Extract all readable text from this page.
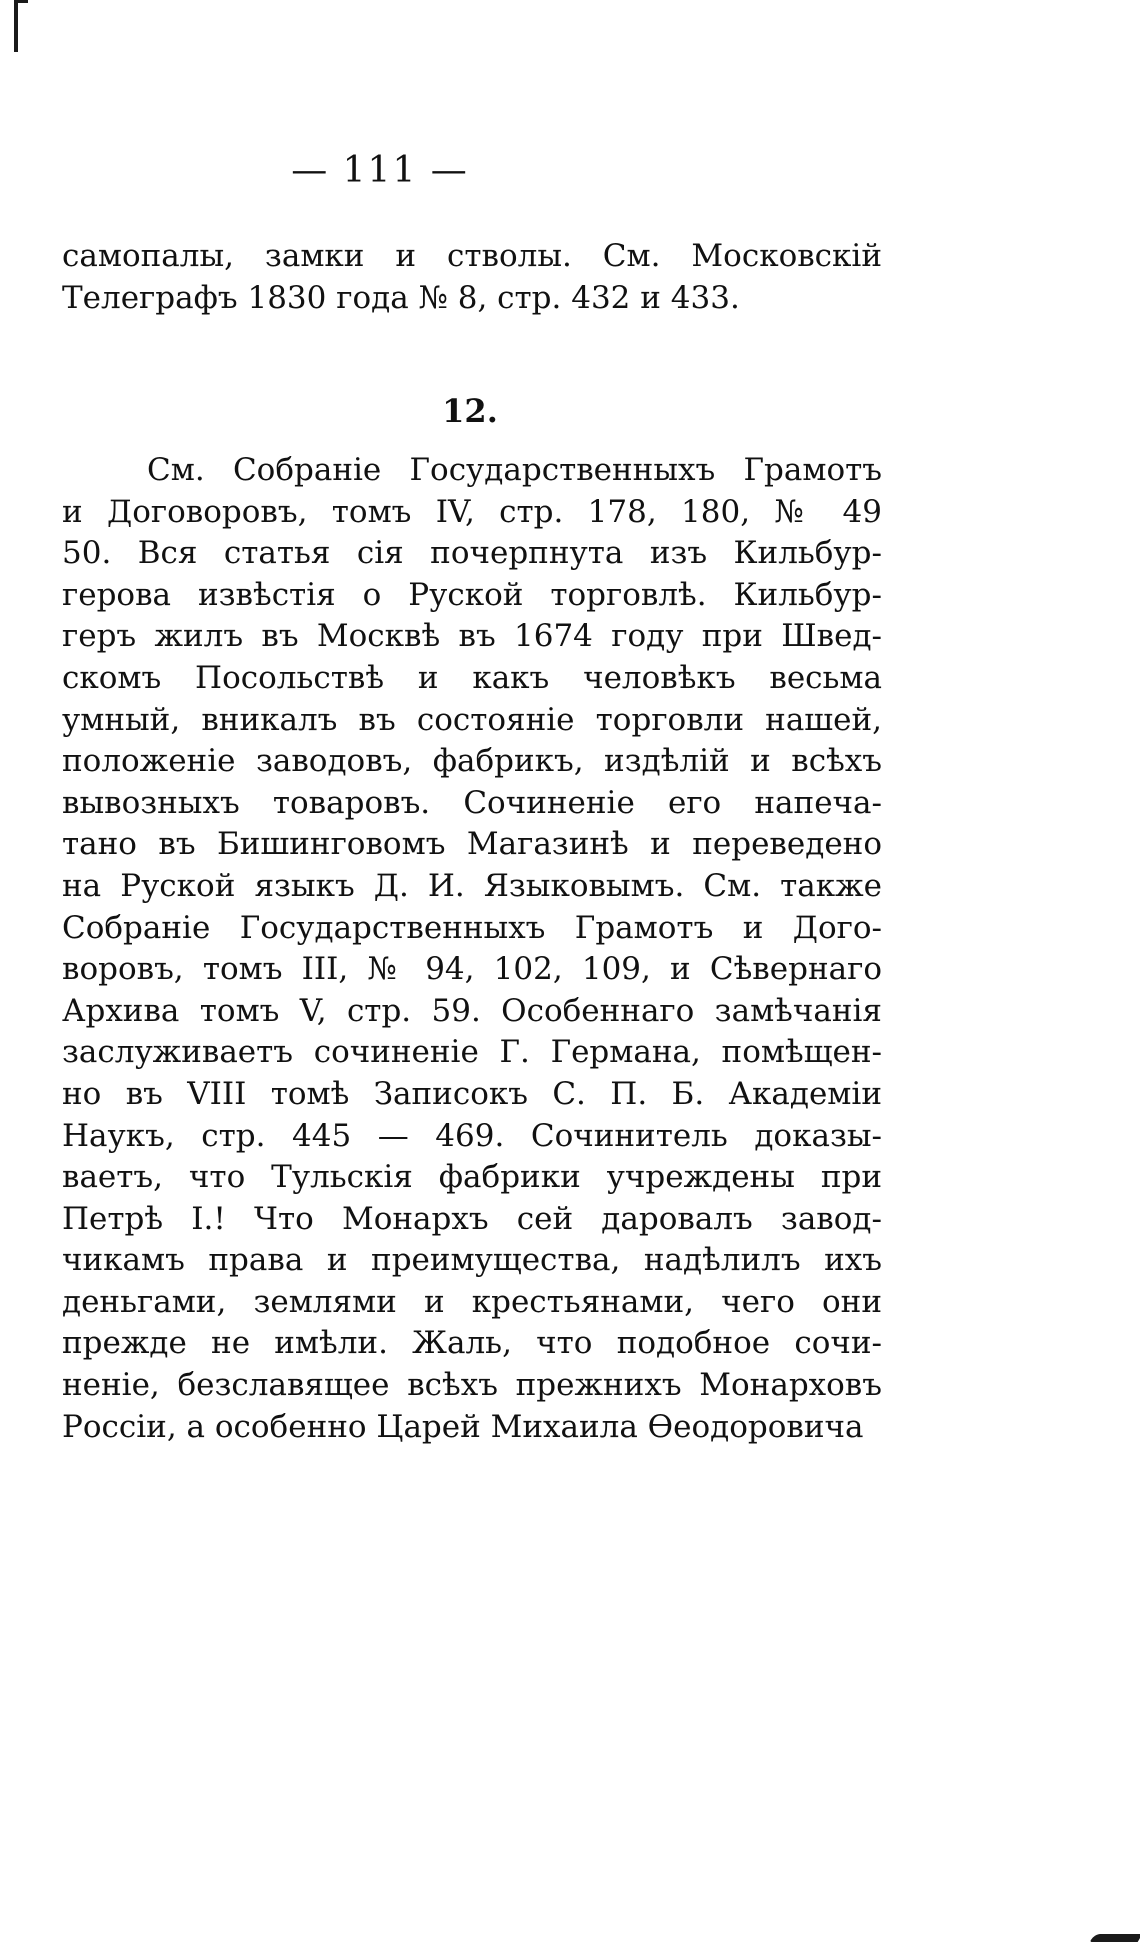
— 111 —
самопалы, замки и стволы. См. Московскій
Телеграфъ 1830 года № 8, стр. 432 и 433.
12.
См. Собраніе Государственныхъ Грамотъ
и Договоровъ, томъ IV, стр. 178, 180, № 49
50. Вся статья сія почерпнута изъ Кильбур-
герова извѣстія о Руской торговлѣ. Кильбур-
геръ жилъ въ Москвѣ въ 1674 году при Швед-
скомъ Посольствѣ и какъ человѣкъ весьма
умный, вникалъ въ состояніе торговли нашей,
положеніе заводовъ, фабрикъ, издѣлій и всѣхъ
вывозныхъ товаровъ. Сочиненіе его напеча-
тано въ Бишинговомъ Магазинѣ и переведено
на Руской языкъ Д. И. Языковымъ. См. также
Собраніе Государственныхъ Грамотъ и Дого-
воровъ, томъ III, № 94, 102, 109, и Сѣвернаго
Архива томъ V, стр. 59. Особеннаго замѣчанія
заслуживаетъ сочиненіе Г. Германа, помѣщен-
но въ VIII томѣ Записокъ С. П. Б. Академіи
Наукъ, стр. 445 — 469. Сочинитель доказы-
ваетъ, что Тульскія фабрики учреждены при
Петрѣ I.! Что Монархъ сей даровалъ завод-
чикамъ права и преимущества, надѣлилъ ихъ
деньгами, землями и крестьянами, чего они
прежде не имѣли. Жаль, что подобное сочи-
неніе, безславящее всѣхъ прежнихъ Монарховъ
Россіи, а особенно Царей Михаила Ѳеодоровича
